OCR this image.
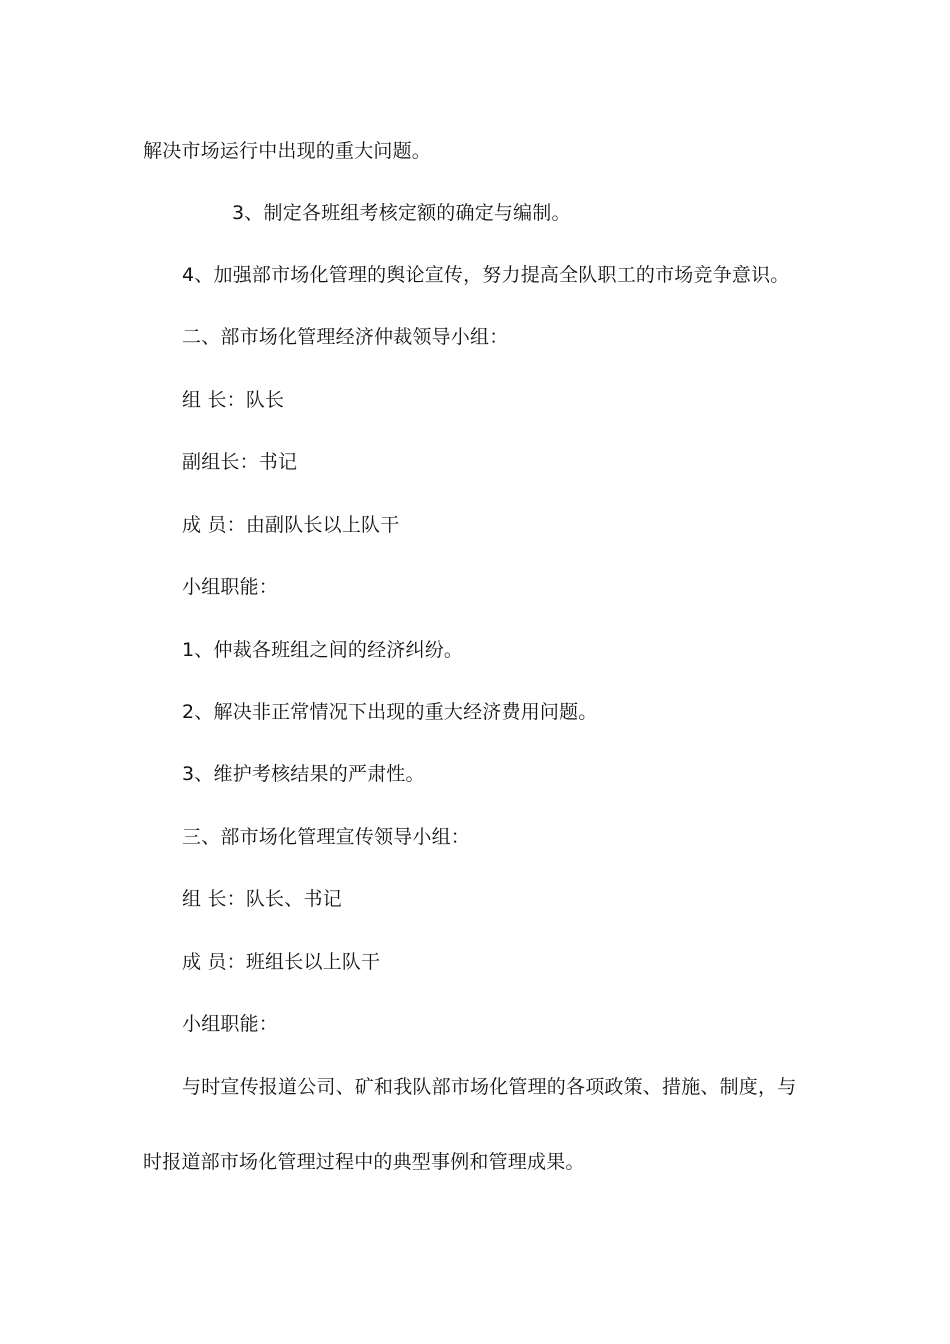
解决市场运行中出现的重大问题。
3、制定各班组考核定额的确定与编制。
4、加强部市场化管理的舆论宣传，努力提高全队职工的市场竞争意识。
二、部市场化管理经济仲裁领导小组：
组 长：队长
副组长：书记
成 员：由副队长以上队干
小组职能：
1、仲裁各班组之间的经济纠纷。
2、解决非正常情况下出现的重大经济费用问题。
3、维护考核结果的严肃性。
三、部市场化管理宣传领导小组：
组 长：队长、书记
成 员：班组长以上队干
小组职能：
与时宣传报道公司、矿和我队部市场化管理的各项政策、措施、制度，与
时报道部市场化管理过程中的典型事例和管理成果。
